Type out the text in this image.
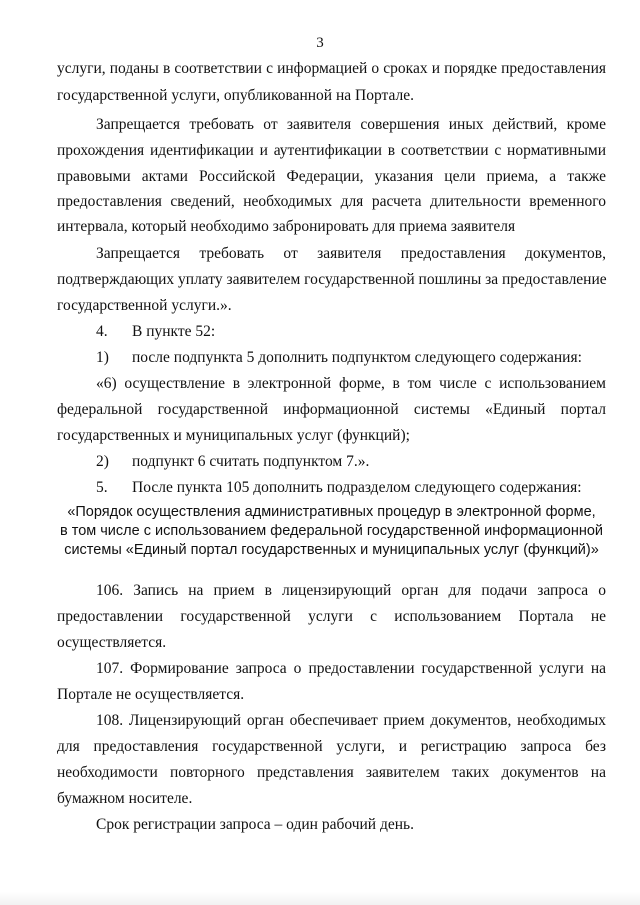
3
услуги, поданы в соответствии с информацией о сроках и порядке предоставления
государственной услуги, опубликованной на Портале.
Запрещается требовать от заявителя совершения иных действий, кроме
прохождения идентификации и аутентификации в соответствии с нормативными
правовыми актами Российской Федерации, указания цели приема, а также
предоставления сведений, необходимых для расчета длительности временного
интервала, который необходимо забронировать для приема заявителя
Запрещается требовать от заявителя предоставления документов,
подтверждающих уплату заявителем государственной пошлины за предоставление
государственной услуги.».
4. В пункте 52:
1) после подпункта 5 дополнить подпунктом следующего содержания:
«6) осуществление в электронной форме, в том числе с использованием
федеральной государственной информационной системы «Единый портал
государственных и муниципальных услуг (функций);
2) подпункт 6 считать подпунктом 7.».
5. После пункта 105 дополнить подразделом следующего содержания:
«Порядок осуществления административных процедур в электронной форме,
в том числе с использованием федеральной государственной информационной
системы «Единый портал государственных и муниципальных услуг (функций)»
106. Запись на прием в лицензирующий орган для подачи запроса о
предоставлении государственной услуги с использованием Портала не
осуществляется.
107. Формирование запроса о предоставлении государственной услуги на
Портале не осуществляется.
108. Лицензирующий орган обеспечивает прием документов, необходимых
для предоставления государственной услуги, и регистрацию запроса без
необходимости повторного представления заявителем таких документов на
бумажном носителе.
Срок регистрации запроса – один рабочий день.
